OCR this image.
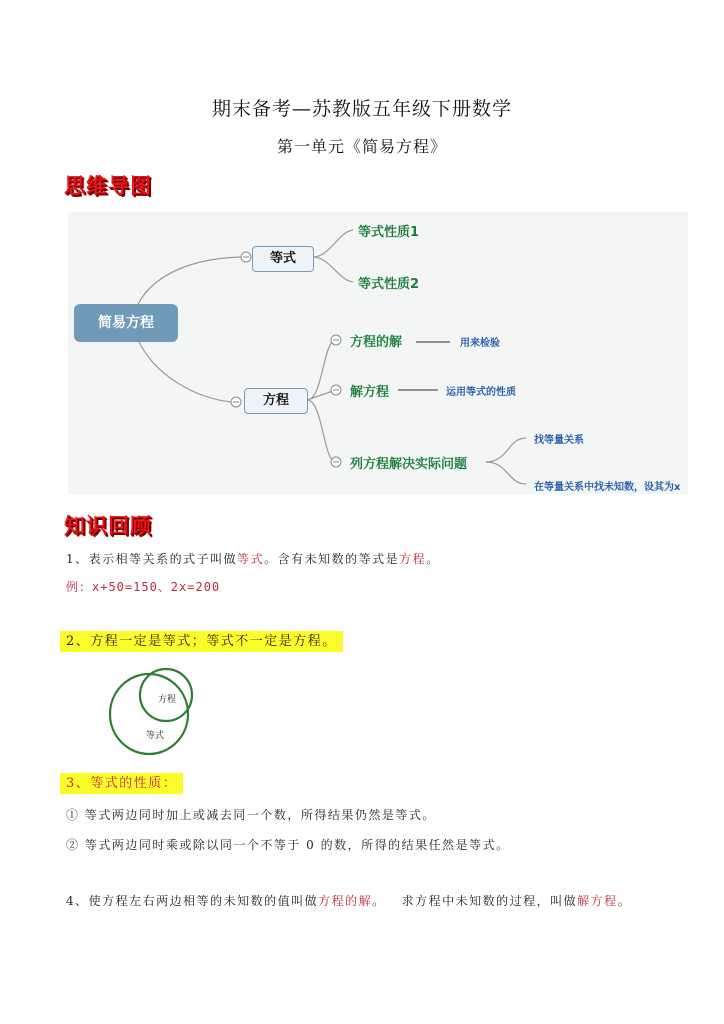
期末备考—苏教版五年级下册数学
第一单元《简易方程》
思维导图
简易方程
等式
等式性质1
等式性质2
方程
方程的解	用来检验
解方程	运用等式的性质
列方程解决实际问题
找等量关系
在等量关系中找未知数，设其为x
知识回顾
1、表示相等关系的式子叫做等式。含有未知数的等式是方程。
例：x+50=150、2x=200
2、方程一定是等式；等式不一定是方程。
方程
等式
3、等式的性质：
① 等式两边同时加上或减去同一个数，所得结果仍然是等式。
② 等式两边同时乘或除以同一个不等于 0 的数，所得的结果任然是等式。
4、使方程左右两边相等的未知数的值叫做方程的解。   求方程中未知数的过程，叫做解方程。
